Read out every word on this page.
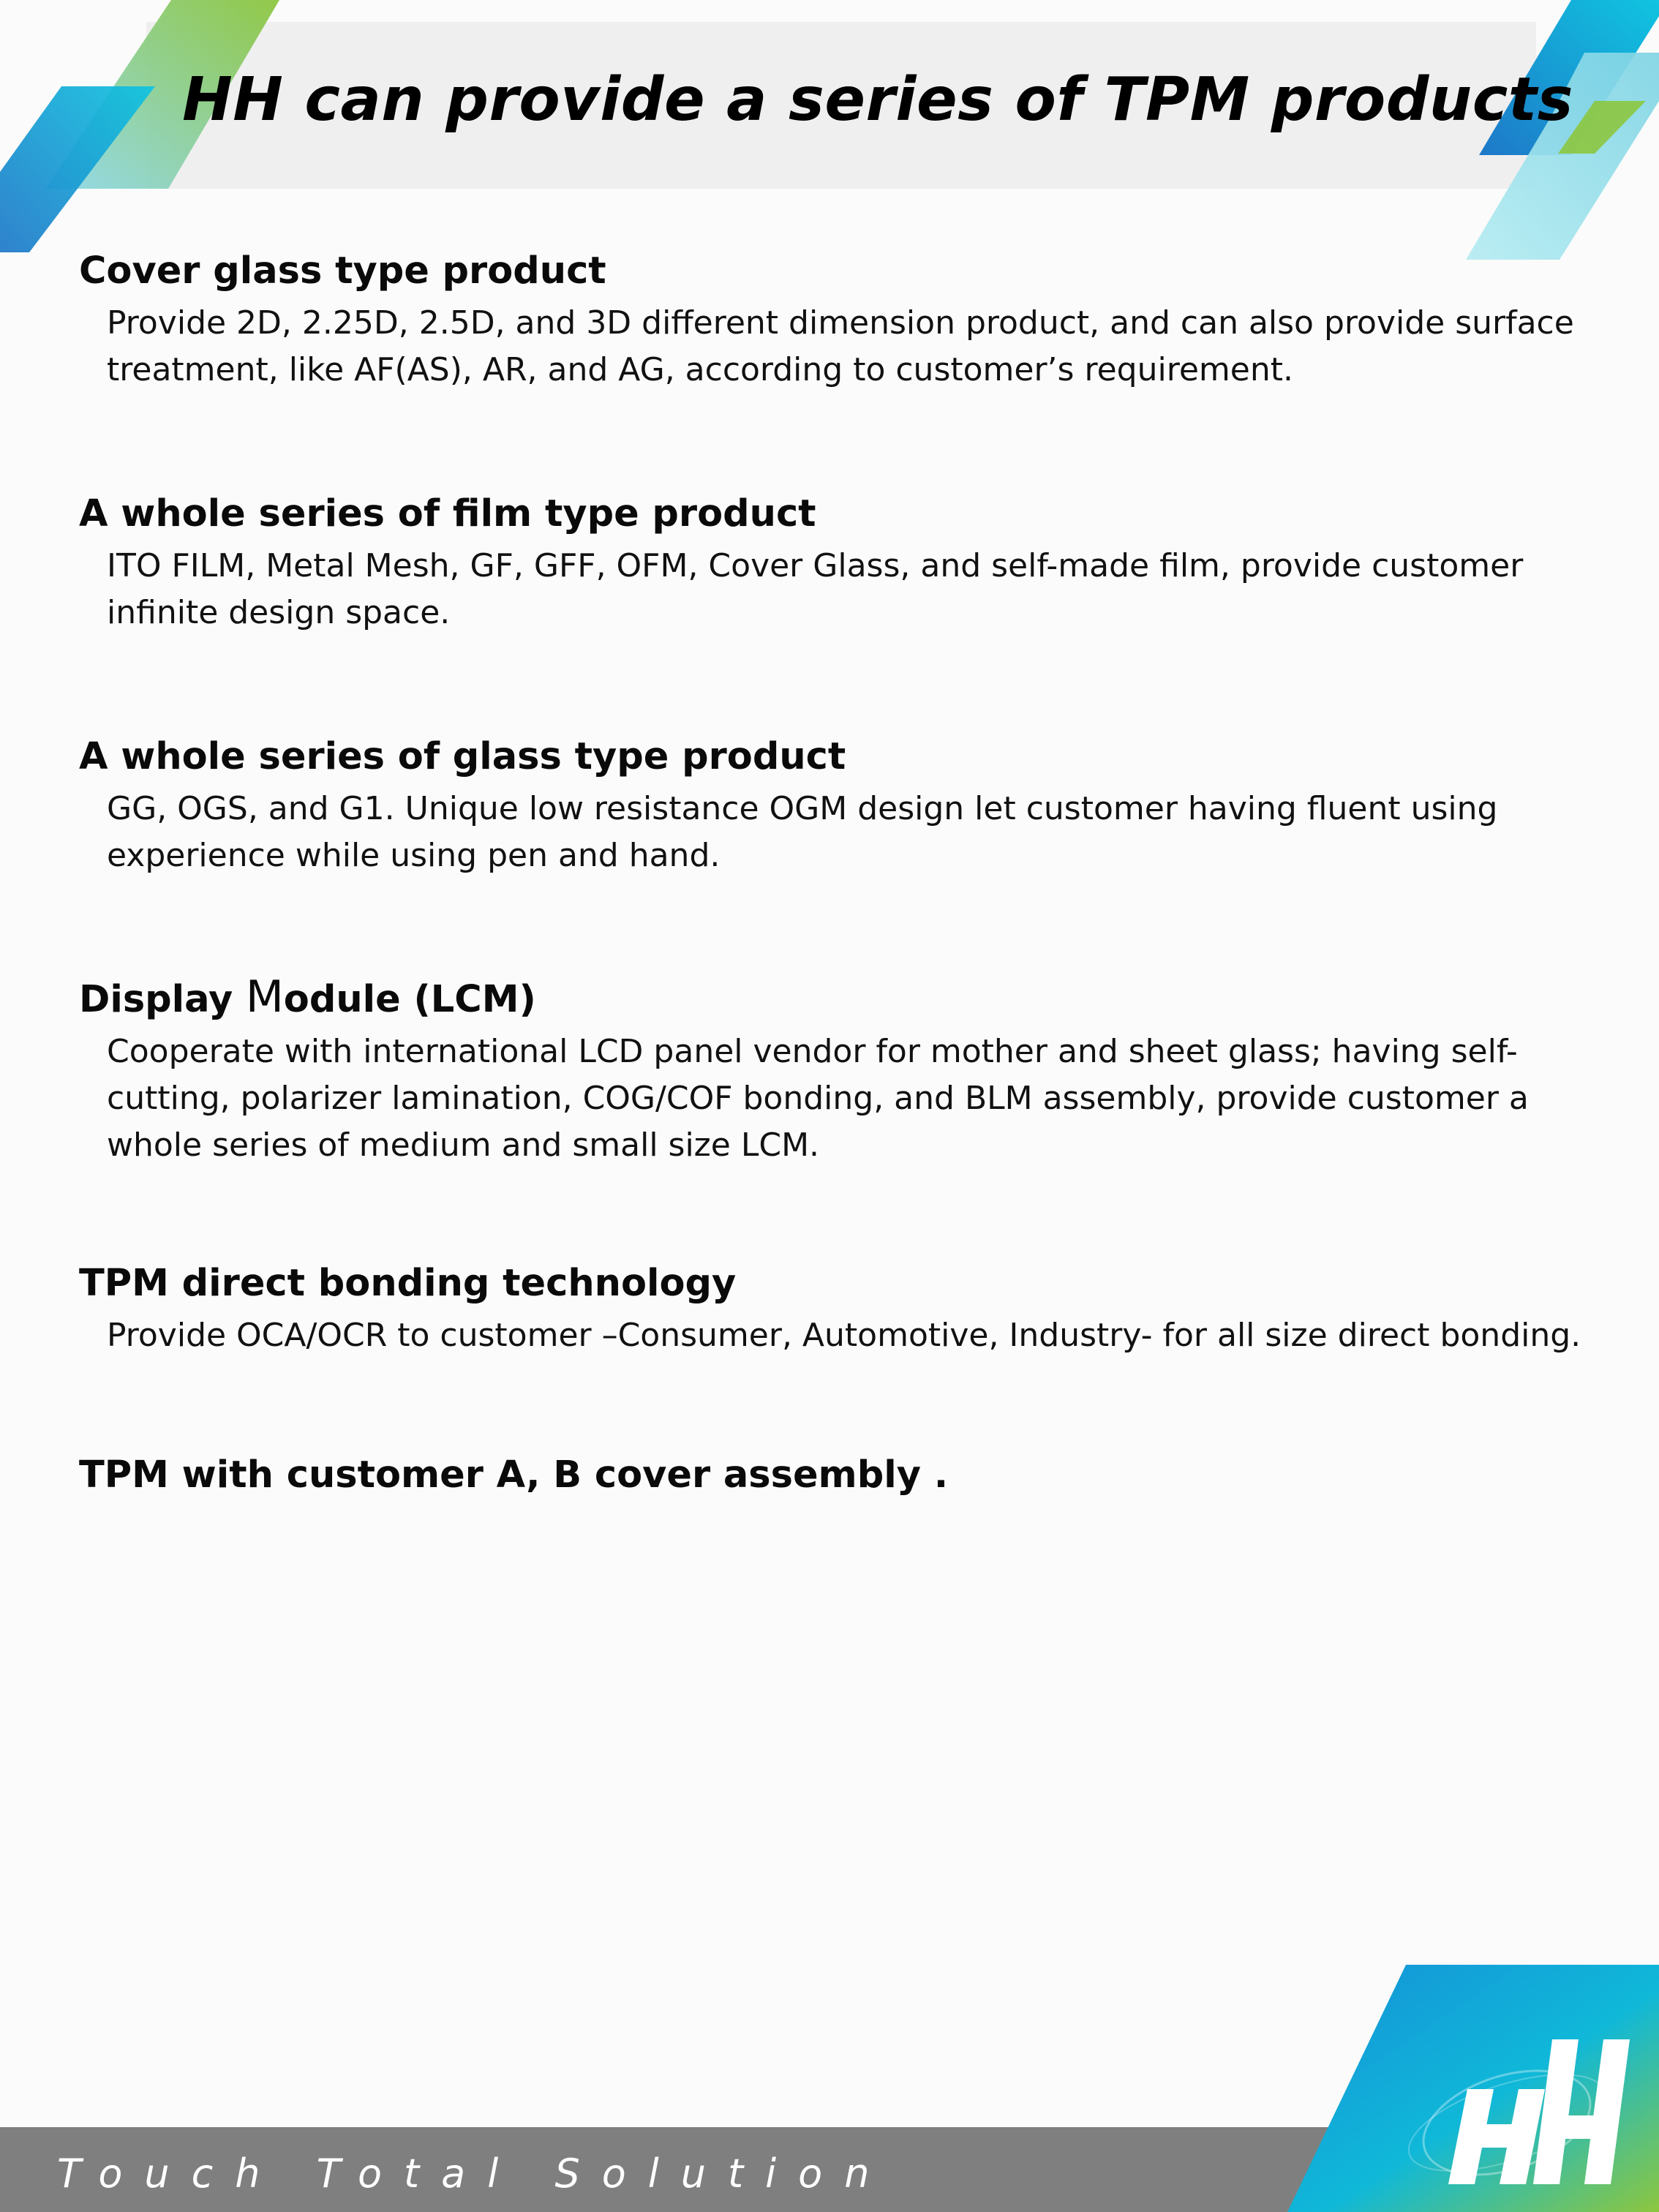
HH can provide a series of TPM products
Cover glass type product

Provide 2D, 2.25D, 2.5D, and 3D different dimension product, and can also provide surface treatment, like AF(AS), AR, and AG, according to customer’s requirement.

A whole series of film type product

ITO FILM, Metal Mesh, GF, GFF, OFM, Cover Glass, and self-made film, provide customer infinite design space.

A whole series of glass type product

GG, OGS, and G1. Unique low resistance OGM design let customer having fluent using experience while using pen and hand.

Display Module (LCM)

Cooperate with international LCD panel vendor for mother and sheet glass; having self-cutting, polarizer lamination, COG/COF bonding, and BLM assembly, provide customer a whole series of medium and small size LCM.

TPM direct bonding technology

Provide OCA/OCR to customer –Consumer, Automotive, Industry- for all size direct bonding.

TPM with customer A, B cover assembly .
Touch Total Solution
